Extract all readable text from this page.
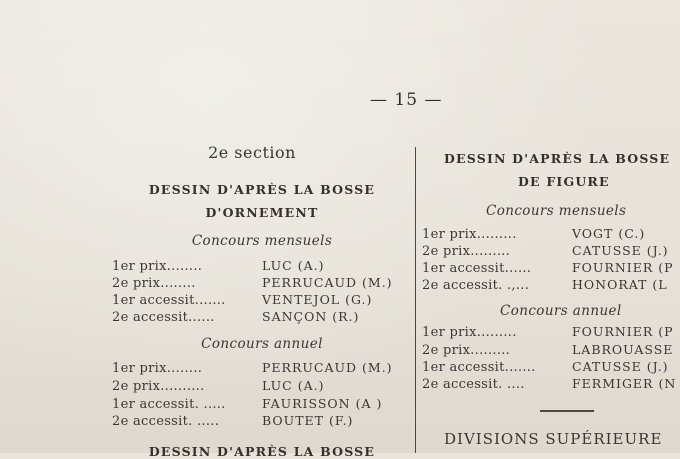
— 15 —
2e section
DESSIN D'APRÈS LA BOSSE
D'ORNEMENT
Concours mensuels
1er prix........	LUC (A.)
2e prix........	PERRUCAUD (M.)
1er accessit.......	VENTEJOL (G.)
2e accessit......	SANÇON (R.)
Concours annuel
1er prix........	PERRUCAUD (M.)
2e prix..........	LUC (A.)
1er accessit. .....	FAURISSON (A )
2e accessit. .....	BOUTET (F.)
DESSIN D'APRÈS LA BOSSE
DESSIN D'APRÈS LA BOSSE
DE FIGURE
Concours mensuels
1er prix.........	VOGT (C.)
2e prix.........	CATUSSE (J.)
1er accessit......	FOURNIER (P
2e accessit. .,...	HONORAT (L
Concours annuel
1er prix.........	FOURNIER (P
2e prix.........	LABROUASSE
1er accessit.......	CATUSSE (J.)
2e accessit. ....	FERMIGER (N
DIVISIONS SUPÉRIEURE
